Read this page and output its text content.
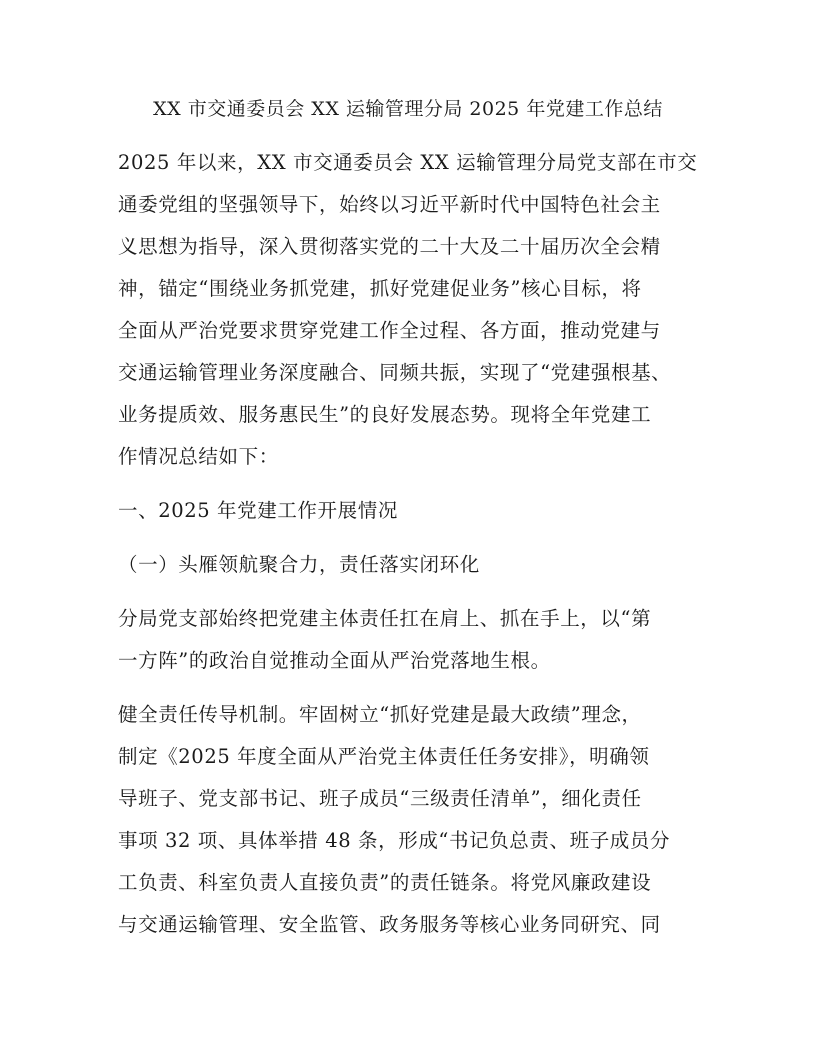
XX 市交通委员会 XX 运输管理分局 2025 年党建工作总结
2025 年以来，XX 市交通委员会 XX 运输管理分局党支部在市交
通委党组的坚强领导下，始终以习近平新时代中国特色社会主
义思想为指导，深入贯彻落实党的二十大及二十届历次全会精
神，锚定“围绕业务抓党建，抓好党建促业务”核心目标，将
全面从严治党要求贯穿党建工作全过程、各方面，推动党建与
交通运输管理业务深度融合、同频共振，实现了“党建强根基、
业务提质效、服务惠民生”的良好发展态势。现将全年党建工
作情况总结如下：
一、2025 年党建工作开展情况
（一）头雁领航聚合力，责任落实闭环化
分局党支部始终把党建主体责任扛在肩上、抓在手上，以“第
一方阵”的政治自觉推动全面从严治党落地生根。
健全责任传导机制。牢固树立“抓好党建是最大政绩”理念，
制定《2025 年度全面从严治党主体责任任务安排》，明确领
导班子、党支部书记、班子成员“三级责任清单”，细化责任
事项 32 项、具体举措 48 条，形成“书记负总责、班子成员分
工负责、科室负责人直接负责”的责任链条。将党风廉政建设
与交通运输管理、安全监管、政务服务等核心业务同研究、同
